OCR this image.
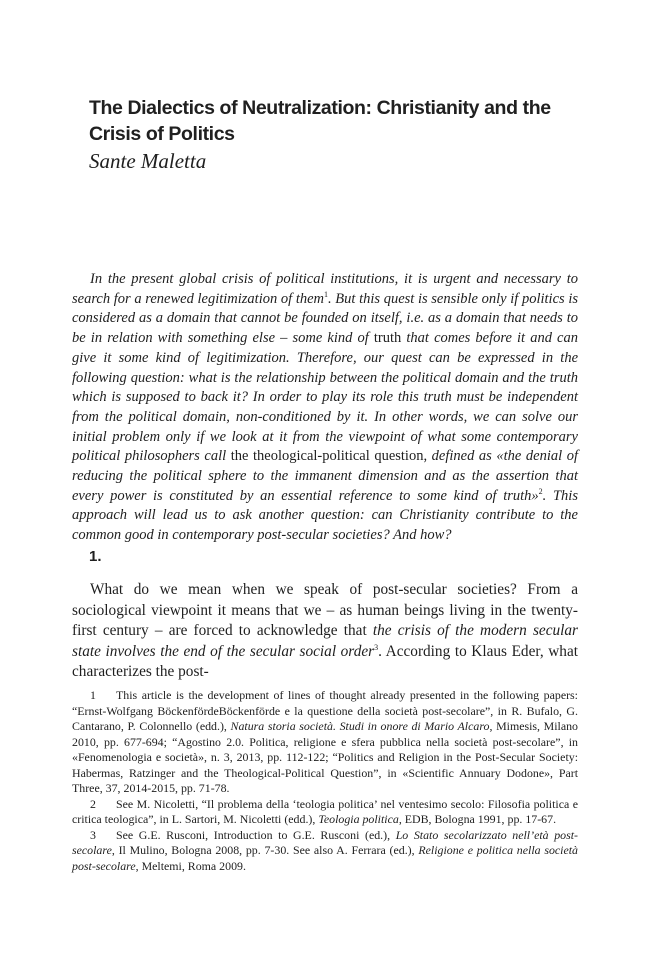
The Dialectics of Neutralization: Christianity and the Crisis of Politics
Sante Maletta

In the present global crisis of political institutions, it is urgent and necessary to search for a renewed legitimization of them$^1$. But this quest is sensible only if politics is considered as a domain that cannot be founded on itself, i.e. as a domain that needs to be in relation with something else – some kind of truth that comes before it and can give it some kind of legitimization. Therefore, our quest can be expressed in the following question: what is the relationship between the political domain and the truth which is supposed to back it? In order to play its role this truth must be independent from the political domain, non-conditioned by it. In other words, we can solve our initial problem only if we look at it from the viewpoint of what some contemporary political philosophers call the theological-political question, defined as «the denial of reducing the political sphere to the immanent dimension and as the assertion that every power is constituted by an essential reference to some kind of truth»$^2$. This approach will lead us to ask another question: can Christianity contribute to the common good in contemporary post-secular societies? And how?

1.

What do we mean when we speak of post-secular societies? From a sociological viewpoint it means that we – as human beings living in the twenty-first century – are forced to acknowledge that the crisis of the modern secular state involves the end of the secular social order$^3$. According to Klaus Eder, what characterizes the post-

1 This article is the development of lines of thought already presented in the following papers: “Ernst-Wolfgang BöckenfördeBöckenförde e la questione della società post-secolare”, in R. Bufalo, G. Cantarano, P. Colonnello (edd.), Natura storia società. Studi in onore di Mario Alcaro, Mimesis, Milano 2010, pp. 677-694; “Agostino 2.0. Politica, religione e sfera pubblica nella società post-secolare”, in «Fenomenologia e società», n. 3, 2013, pp. 112-122; “Politics and Religion in the Post-Secular Society: Habermas, Ratzinger and the Theological-Political Question”, in «Scientific Annuary Dodone», Part Three, 37, 2014-2015, pp. 71-78.

2 See M. Nicoletti, “Il problema della ‘teologia politica’ nel ventesimo secolo: Filosofia politica e critica teologica”, in L. Sartori, M. Nicoletti (edd.), Teologia politica, EDB, Bologna 1991, pp. 17-67.

3 See G.E. Rusconi, Introduction to G.E. Rusconi (ed.), Lo Stato secolarizzato nell’età post-secolare, Il Mulino, Bologna 2008, pp. 7-30. See also A. Ferrara (ed.), Religione e politica nella società post-secolare, Meltemi, Roma 2009.
